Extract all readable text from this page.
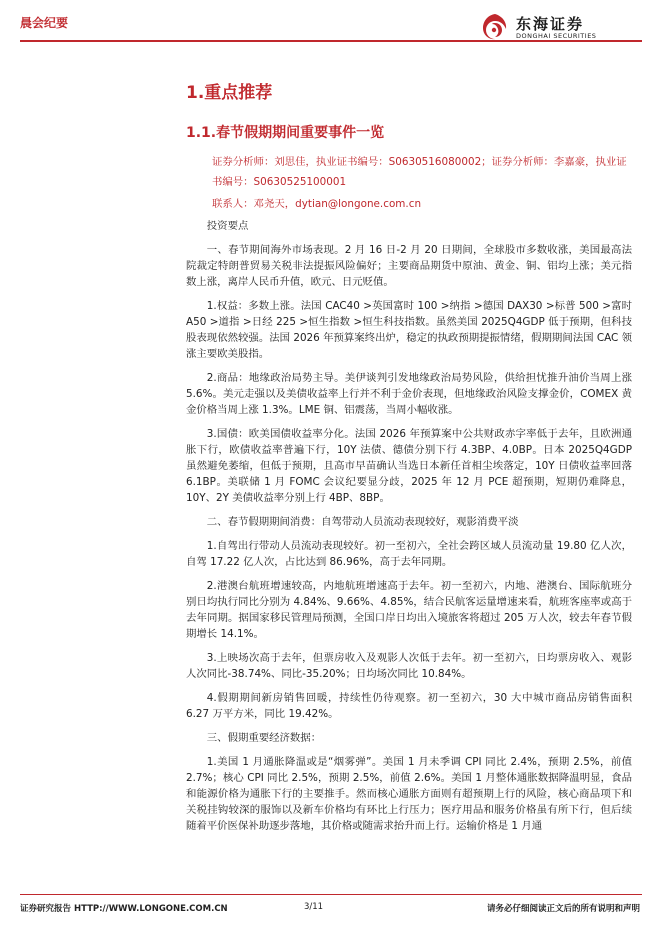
晨会纪要	东海证券
DONGHAI SECURITIES
1.重点推荐
1.1.春节假期期间重要事件一览
证券分析师：刘思佳，执业证书编号：S0630516080002；证券分析师：李嘉豪，执业证书编号：S0630525100001
联系人：邓尧天，dytian@longone.com.cn

投资要点

一、春节期间海外市场表现。2 月 16 日-2 月 20 日期间，全球股市多数收涨，美国最高法院裁定特朗普贸易关税非法提振风险偏好；主要商品期货中原油、黄金、铜、铝均上涨；美元指数上涨，离岸人民币升值，欧元、日元贬值。

1.权益：多数上涨。法国 CAC40 >英国富时 100 >纳指 >德国 DAX30 >标普 500 >富时 A50 >道指 >日经 225 >恒生指数 >恒生科技指数。虽然美国 2025Q4GDP 低于预期，但科技股表现依然较强。法国 2026 年预算案终出炉，稳定的执政预期提振情绪，假期期间法国 CAC 领涨主要欧美股指。

2.商品：地缘政治局势主导。美伊谈判引发地缘政治局势风险，供给担忧推升油价当周上涨 5.6%。美元走强以及美债收益率上行并不利于金价表现，但地缘政治风险支撑金价，COMEX 黄金价格当周上涨 1.3%。LME 铜、铝震荡，当周小幅收涨。

3.国债：欧美国债收益率分化。法国 2026 年预算案中公共财政赤字率低于去年，且欧洲通胀下行，欧债收益率普遍下行，10Y 法债、德债分别下行 4.3BP、4.0BP。日本 2025Q4GDP 虽然避免萎缩，但低于预期，且高市早苗确认当选日本新任首相尘埃落定，10Y 日债收益率回落 6.1BP。美联储 1 月 FOMC 会议纪要显分歧，2025 年 12 月 PCE 超预期，短期仍难降息，10Y、2Y 美债收益率分别上行 4BP、8BP。

二、春节假期期间消费：自驾带动人员流动表现较好，观影消费平淡

1.自驾出行带动人员流动表现较好。初一至初六，全社会跨区域人员流动量 19.80 亿人次，自驾 17.22 亿人次，占比达到 86.96%，高于去年同期。

2.港澳台航班增速较高，内地航班增速高于去年。初一至初六，内地、港澳台、国际航班分别日均执行同比分别为 4.84%、9.66%、4.85%，结合民航客运量增速来看，航班客座率或高于去年同期。据国家移民管理局预测，全国口岸日均出入境旅客将超过 205 万人次，较去年春节假期增长 14.1%。

3.上映场次高于去年，但票房收入及观影人次低于去年。初一至初六，日均票房收入、观影人次同比-38.74%、同比-35.20%；日均场次同比 10.84%。

4.假期期间新房销售回暖，持续性仍待观察。初一至初六，30 大中城市商品房销售面积 6.27 万平方米，同比 19.42%。

三、假期重要经济数据：

1.美国 1 月通胀降温或是“烟雾弹”。美国 1 月未季调 CPI 同比 2.4%，预期 2.5%，前值 2.7%；核心 CPI 同比 2.5%，预期 2.5%，前值 2.6%。美国 1 月整体通胀数据降温明显，食品和能源价格为通胀下行的主要推手。然而核心通胀方面则有超预期上行的风险，核心商品项下和关税挂钩较深的服饰以及新车价格均有环比上行压力；医疗用品和服务价格虽有所下行，但后续随着平价医保补助逐步落地，其价格或随需求抬升而上行。运输价格是 1 月通

证券研究报告 HTTP://WWW.LONGONE.COM.CN	3/11	请务必仔细阅读正文后的所有说明和声明
